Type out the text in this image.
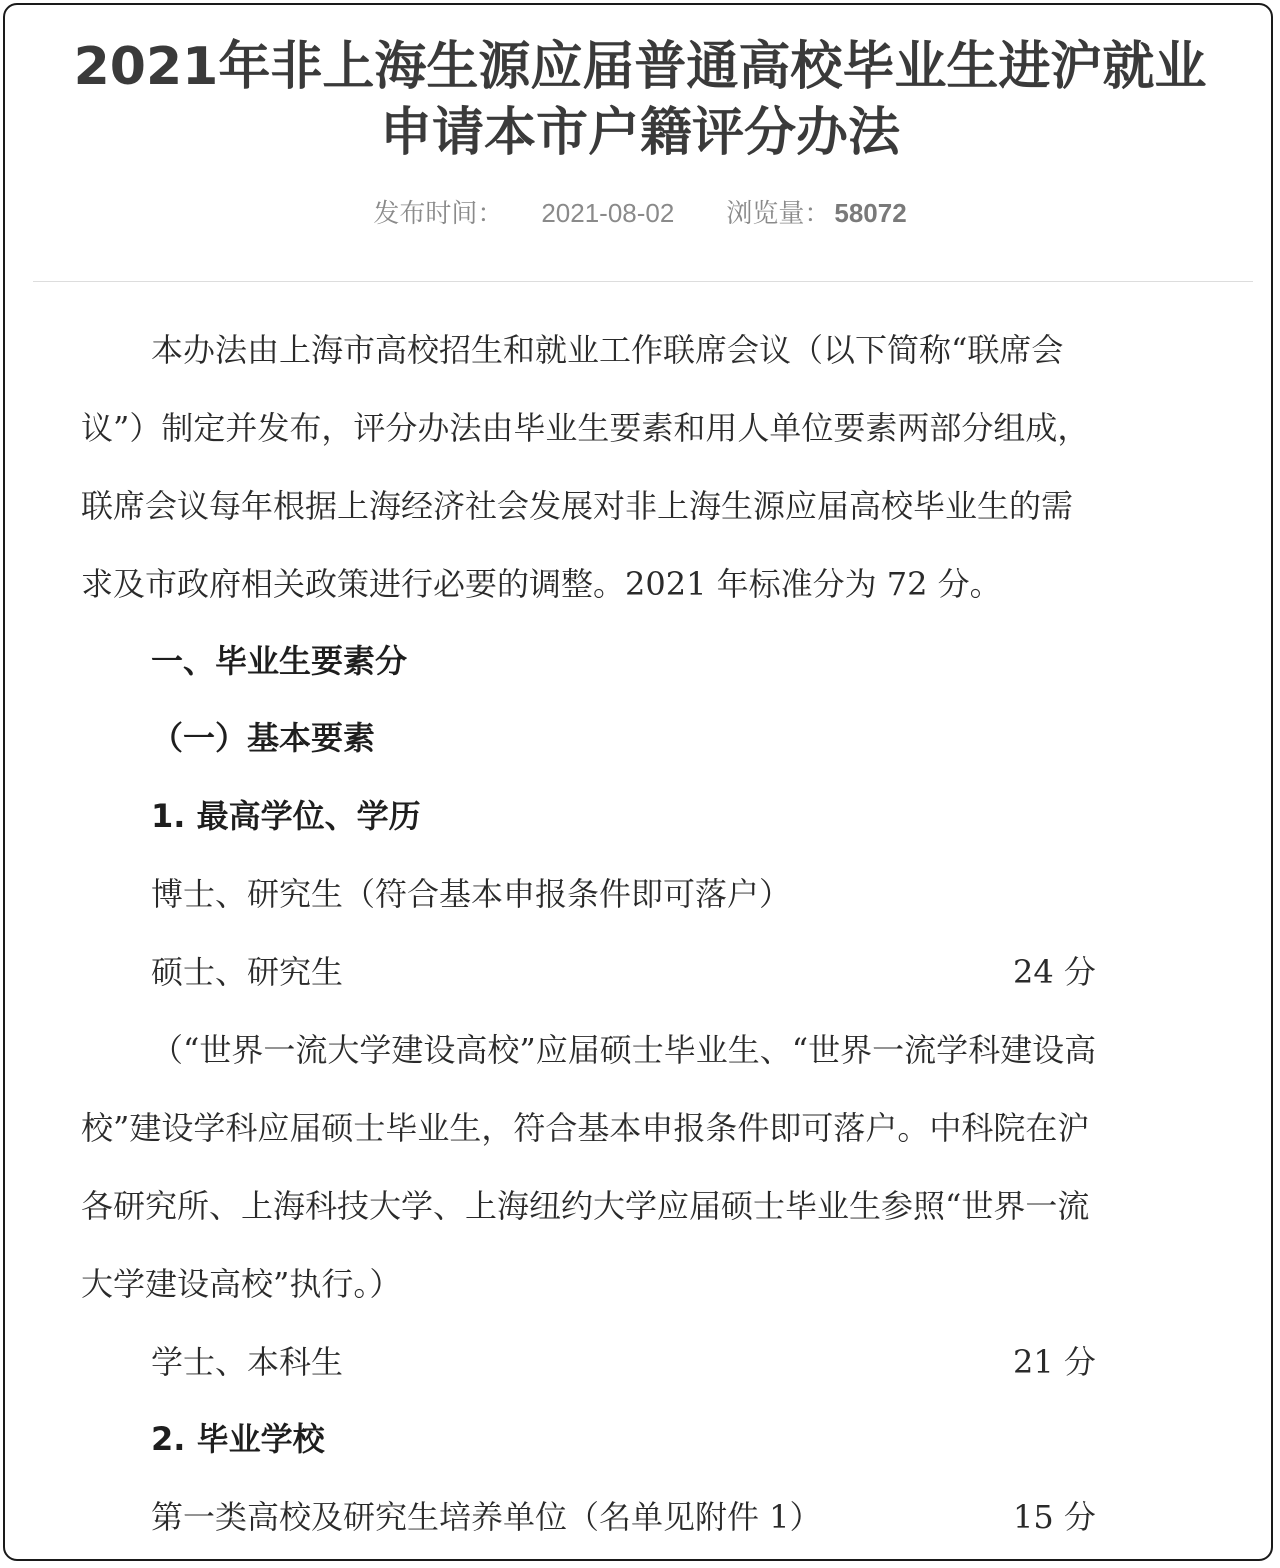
2021年非上海生源应届普通高校毕业生进沪就业
申请本市户籍评分办法
发布时间： 2021-08-02 浏览量： 58072
本办法由上海市高校招生和就业工作联席会议（以下简称“联席会
议”）制定并发布，评分办法由毕业生要素和用人单位要素两部分组成，
联席会议每年根据上海经济社会发展对非上海生源应届高校毕业生的需
求及市政府相关政策进行必要的调整。2021 年标准分为 72 分。
一、毕业生要素分
（一）基本要素
1. 最高学位、学历
博士、研究生（符合基本申报条件即可落户）
硕士、研究生	24 分
（“世界一流大学建设高校”应届硕士毕业生、“世界一流学科建设高
校”建设学科应届硕士毕业生，符合基本申报条件即可落户。中科院在沪
各研究所、上海科技大学、上海纽约大学应届硕士毕业生参照“世界一流
大学建设高校”执行。）
学士、本科生	21 分
2. 毕业学校
第一类高校及研究生培养单位（名单见附件 1）	15 分
